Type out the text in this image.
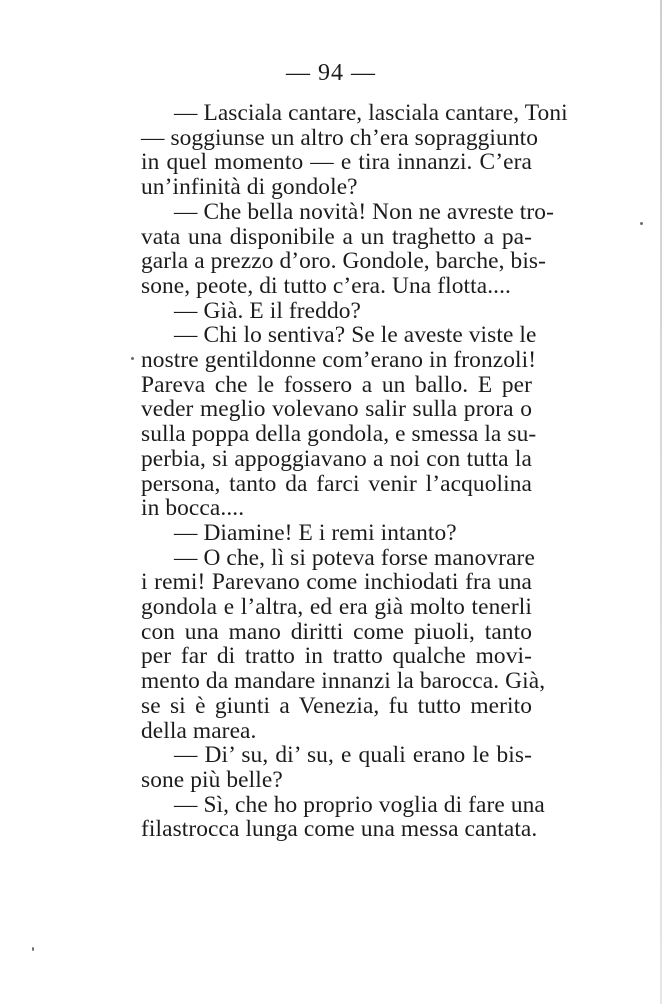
— 94 —
— Lasciala cantare, lasciala cantare, Toni
— soggiunse un altro ch’era sopraggiunto
in quel momento — e tira innanzi. C’era
un’infinità di gondole?
— Che bella novità! Non ne avreste tro-
vata una disponibile a un traghetto a pa-
garla a prezzo d’oro. Gondole, barche, bis-
sone, peote, di tutto c’era. Una flotta....
— Già. E il freddo?
— Chi lo sentiva? Se le aveste viste le
nostre gentildonne com’erano in fronzoli!
Pareva che le fossero a un ballo. E per
veder meglio volevano salir sulla prora o
sulla poppa della gondola, e smessa la su-
perbia, si appoggiavano a noi con tutta la
persona, tanto da farci venir l’acquolina
in bocca....
— Diamine! E i remi intanto?
— O che, lì si poteva forse manovrare
i remi! Parevano come inchiodati fra una
gondola e l’altra, ed era già molto tenerli
con una mano diritti come piuoli, tanto
per far di tratto in tratto qualche movi-
mento da mandare innanzi la barocca. Già,
se si è giunti a Venezia, fu tutto merito
della marea.
— Di’ su, di’ su, e quali erano le bis-
sone più belle?
— Sì, che ho proprio voglia di fare una
filastrocca lunga come una messa cantata.
